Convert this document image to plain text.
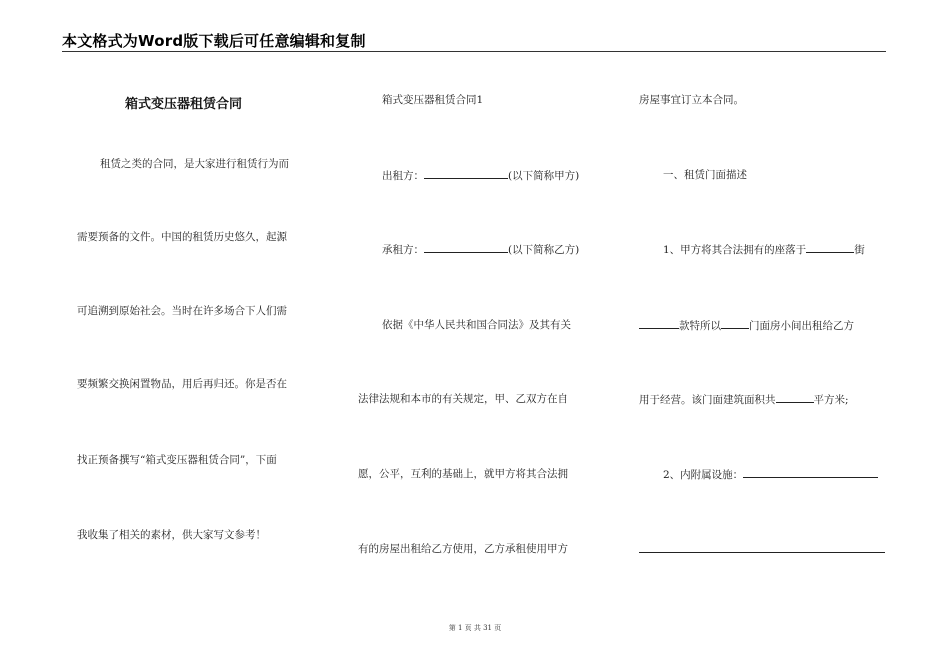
本文格式为Word版下载后可任意编辑和复制
箱式变压器租赁合同
租赁之类的合同，是大家进行租赁行为而
需要预备的文件。中国的租赁历史悠久，起源
可追溯到原始社会。当时在许多场合下人们需
要频繁交换闲置物品，用后再归还。你是否在
找正预备撰写“箱式变压器租赁合同”，下面
我收集了相关的素材，供大家写文参考！
箱式变压器租赁合同1
出租方：	(以下简称甲方)
承租方：	(以下简称乙方)
依据《中华人民共和国合同法》及其有关
法律法规和本市的有关规定，甲、乙双方在自
愿，公平，互利的基础上，就甲方将其合法拥
有的房屋出租给乙方使用，乙方承租使用甲方
房屋事宜订立本合同。
一、租赁门面描述
1、甲方将其合法拥有的座落于	街
款特所以	门面房小间出租给乙方
用于经营。该门面建筑面积共	平方米;
2、内附属设施：
第 1 页 共 31 页
